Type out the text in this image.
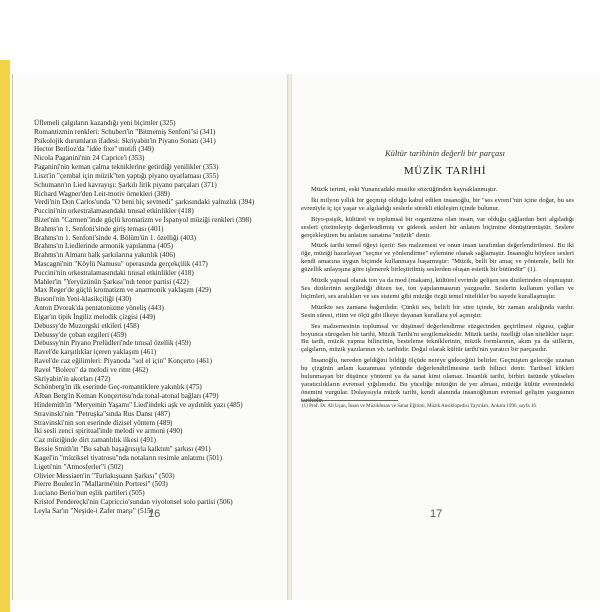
Üflemeli çalgıların kazandığı yeni biçimler (325)
Romantizmin renkleri: Schubert'in "Bitmemiş Senfoni"si (341)
Psikolojik durumların ifadesi: Skriyabin'in Piyano Sonatı (341)
Hector Berlioz'da "idée fixe" motifi (349)
Nicola Paganini'nin 24 Caprice'i (353)
Paganini'nin keman çalma tekniklerine getirdiği yenilikler (353)
Liszt'in "çembal için müzik"ten yaptığı piyano uyarlaması (355)
Schumann'ın Lied kavrayışı: Şarkılı lirik piyano parçaları (371)
Richard Wagner'den Leit-motiv örnekleri (389)
Verdi'nin Don Carlos'unda "O beni hiç sevmedi" şarkısındaki yalnızlık (394)
Puccini'nin orkestralamasındaki tınısal etkinlikler (418)
Bizet'nin "Carmen"inde güçlü kromatizm ve İspanyol müziği renkleri (398)
Brahms'ın 1. Senfoni'sinde giriş teması (401)
Brahms'ın 1. Senfoni'sinde 4. Bölüm'ün 1. özelliği (403)
Brahms'ın Liedlerinde armonik yapılanma (405)
Brahms'ın Almanı halk şarkılarına yakınlık (406)
Mascagni'nin "Köylü Namusu" operasında gerçekçilik (417)
Puccini'nin orkestralamasındaki tınısal etkinlikler (418)
Mahler'in "Yeryüzünün Şarkısı"ndı tenor partisi (422)
Max Reger'de güçlü kromatizm ve anarmonik yaklaşım (429)
Busoni'nin Yeni-klasikçiliği (430)
Anton Dvorak'da pentatonizme yöneliş (443)
Elgar'ın tipik İngiliz melodik çizgisi (449)
Debussy'de Muzorgski etkileri (458)
Debussy'de çoban ezgileri (459)
Debussy'nin Piyano Prelüdleri'nde tınısal özellik (459)
Ravel'de karşıtlıklar içeren yaklaşım (461)
Ravel'de caz eğilimleri: Piyanoda "sol el için" Konçerto (461)
Ravel "Bolero" da melodi ve ritm (462)
Skriyabin'in akorları (472)
Schönberg'in ilk eserinde Geç-romantiklere yakınlık (475)
Alban Berg'in Keman Konçertosu'nda tonal-atonal bağları (479)
Hindemith'in "Meryemin Yaşamı" Lied'indeki aşk ve aydınlık yazı (485)
Stravinski'nin "Petruşka"sında Rus Dansı (487)
Stravinski'nin son eserinde dizisel yöntem (489)
İki sesli zenci spiritual'inde melodi ve armoni (490)
Caz müziğinde dirt zamanlılık ilkesi (491)
Bessie Smith'in "Bu sabah başağrısıyla kalktım" şarkısı (491)
Kagel'in "müziksel tiyatrosu"nda notaların resimle anlatımı (501)
Ligeti'nin "Atmosferler"i (502)
Olivier Messiaen'in "Turlakışuann Şarkısı" (503)
Pierre Boulez'in "Mallarmé'nin Portresi" (503)
Luciano Berio'nun eşlik partileri (505)
Kristof Pendereçki'nin Capriccio'sundan viyolonsel solo partisi (506)
Leyla Sar'ın "Neşide-i Zafer marşı" (515)
16	17
Kültür tarihinin değerli bir parçası
MÜZİK TARİHİ

Müzik terimi, eski Yunancadaki musike sözcüğünden kaynaklanmıştır.

İki milyon yıllık bir geçmişi olduğu kabul edilen insanoğlu, bir "ses evreni"nin içine doğar, bu ses evreniyle iç içe yaşar ve algıladığı seslerle sürekli etkileşim içinde bulunur.

Biyo-psişik, kültürel ve toplumsal bir organizma olan insan, var olduğu çağlardan beri algıladığı sesleri çözümleyip değerlendirmiş ve giderek sesleri bir anlatım biçimine dönüştürmüştür. Seslere gerçekleştiren bu anlatım sanatına "müzik" denir.

Müzik tarihi temel öğeyi içerir: Ses malzemesi ve onun insan tarafından değerlendirilmesi. Bu iki öğe, müziği hazırlayan "seçme ve yönlendirme" eylemine olanak sağlamıştır. İnsanoğlu böylece sesleri kendi amacına uygun biçimde kullanmaya başarmıştır: "Müzik, belli bir amaç ve yöntemle, belli bir güzellik anlayışına göre işlenerek birleştirilmiş seslerden oluşan estetik bir bütündür" (1).

Müzik yapısal olarak ton ya da mod (makam), kültürel evrimle gelişen ses dizilerinden oluşmuştur. Ses dizilerinin sergilediği düzen ise, ton yapılanmasının yazgısıdır. Seslerin kullanım yolları ve biçimleri, ses aralıkları ve ses sistemi gibi müziğe özgü temel nitelikler bu sayede kurallaşmıştır.

Müzikte ses zamana bağımlıdır. Çünkü ses, belirli bir süre içinde, bir zaman aralığında vardır. Sesin süresi, ritim ve ölçü gibi ilkeye dayanan kurallara yol açmıştır.

Ses malzemesinin toplumsal ve düşünsel değerlendirme süzgecinden geçirilmesi olgusu, çağlar boyunca süregelen bir tarihi, Müzik Tarihi'ni sergilemektedir. Müzik tarihi, özelliği olan nitelikler taşır: Bu tarih, müzik yapma bilincinin, besteleme tekniklerinin, müzik formlarının, akım ya da stillerin, çalgıların, müzik yazılarının vb. tarihidir. Doğal olarak kültür tarihi'nin yaratıcı bir parçasıdır.

İnsanoğlu, nereden geldiğini bildiği ölçüde nereye gideceğini belirler. Geçmişten geleceğe uzanan bu çizginin anlam kazanması yönünde değerlendirilmesine tarih bilinci denir. Tarihsel kökleri bulunmayan bir düşünce yöntemi ya da sanat kimi olamaz. İnsanlık tarihi, birbiri üstünde yükselen yaratıcılıkların evrensel yığılımıdır. Bu yüceliğe müziğin de yer alması, müziğe kültür evrenindeki önemini vurgular. Dolayısıyla müzik tarihi, kendi alanında insanoğlunun evrensel gelişim yazgısının tarihidir.

(1) Prof. Dr. Ali Uçan, İnsan ve Müzikİnsan ve Sanat Eğitimi, Müzik Ansiklopedisi Yayınları, Ankara 1996, sayfa 16.
